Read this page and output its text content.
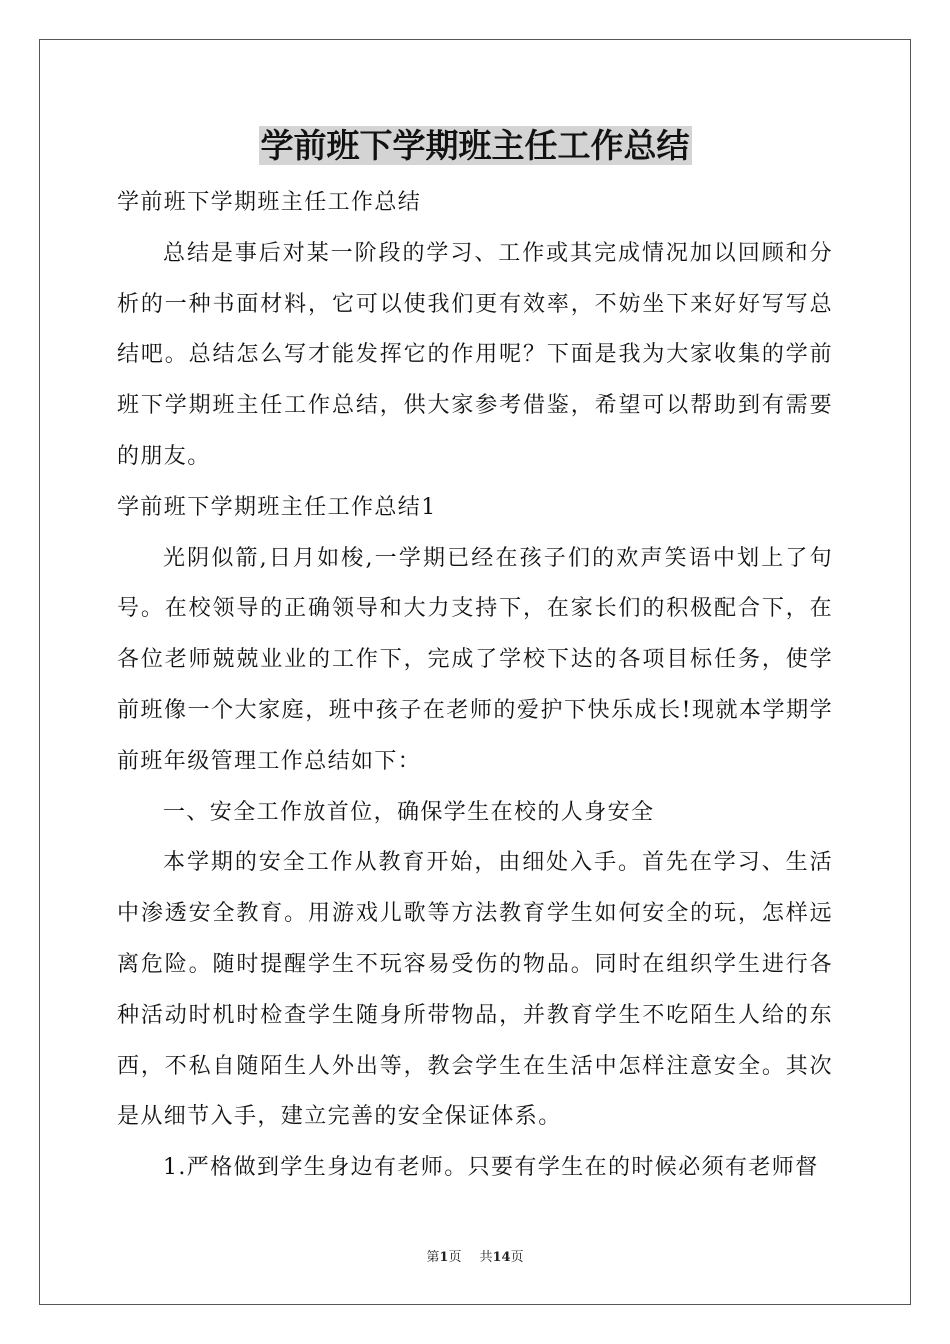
学前班下学期班主任工作总结

学前班下学期班主任工作总结

总结是事后对某一阶段的学习、工作或其完成情况加以回顾和分析的一种书面材料，它可以使我们更有效率，不妨坐下来好好写写总结吧。总结怎么写才能发挥它的作用呢？下面是我为大家收集的学前班下学期班主任工作总结，供大家参考借鉴，希望可以帮助到有需要的朋友。

学前班下学期班主任工作总结1

光阴似箭,日月如梭,一学期已经在孩子们的欢声笑语中划上了句号。在校领导的正确领导和大力支持下，在家长们的积极配合下，在各位老师兢兢业业的工作下，完成了学校下达的各项目标任务，使学前班像一个大家庭，班中孩子在老师的爱护下快乐成长!现就本学期学前班年级管理工作总结如下：

一、安全工作放首位，确保学生在校的人身安全

本学期的安全工作从教育开始，由细处入手。首先在学习、生活中渗透安全教育。用游戏儿歌等方法教育学生如何安全的玩，怎样远离危险。随时提醒学生不玩容易受伤的物品。同时在组织学生进行各种活动时机时检查学生随身所带物品，并教育学生不吃陌生人给的东西，不私自随陌生人外出等，教会学生在生活中怎样注意安全。其次是从细节入手，建立完善的安全保证体系。

1.严格做到学生身边有老师。只要有学生在的时候必须有老师督

第1页 共14页
